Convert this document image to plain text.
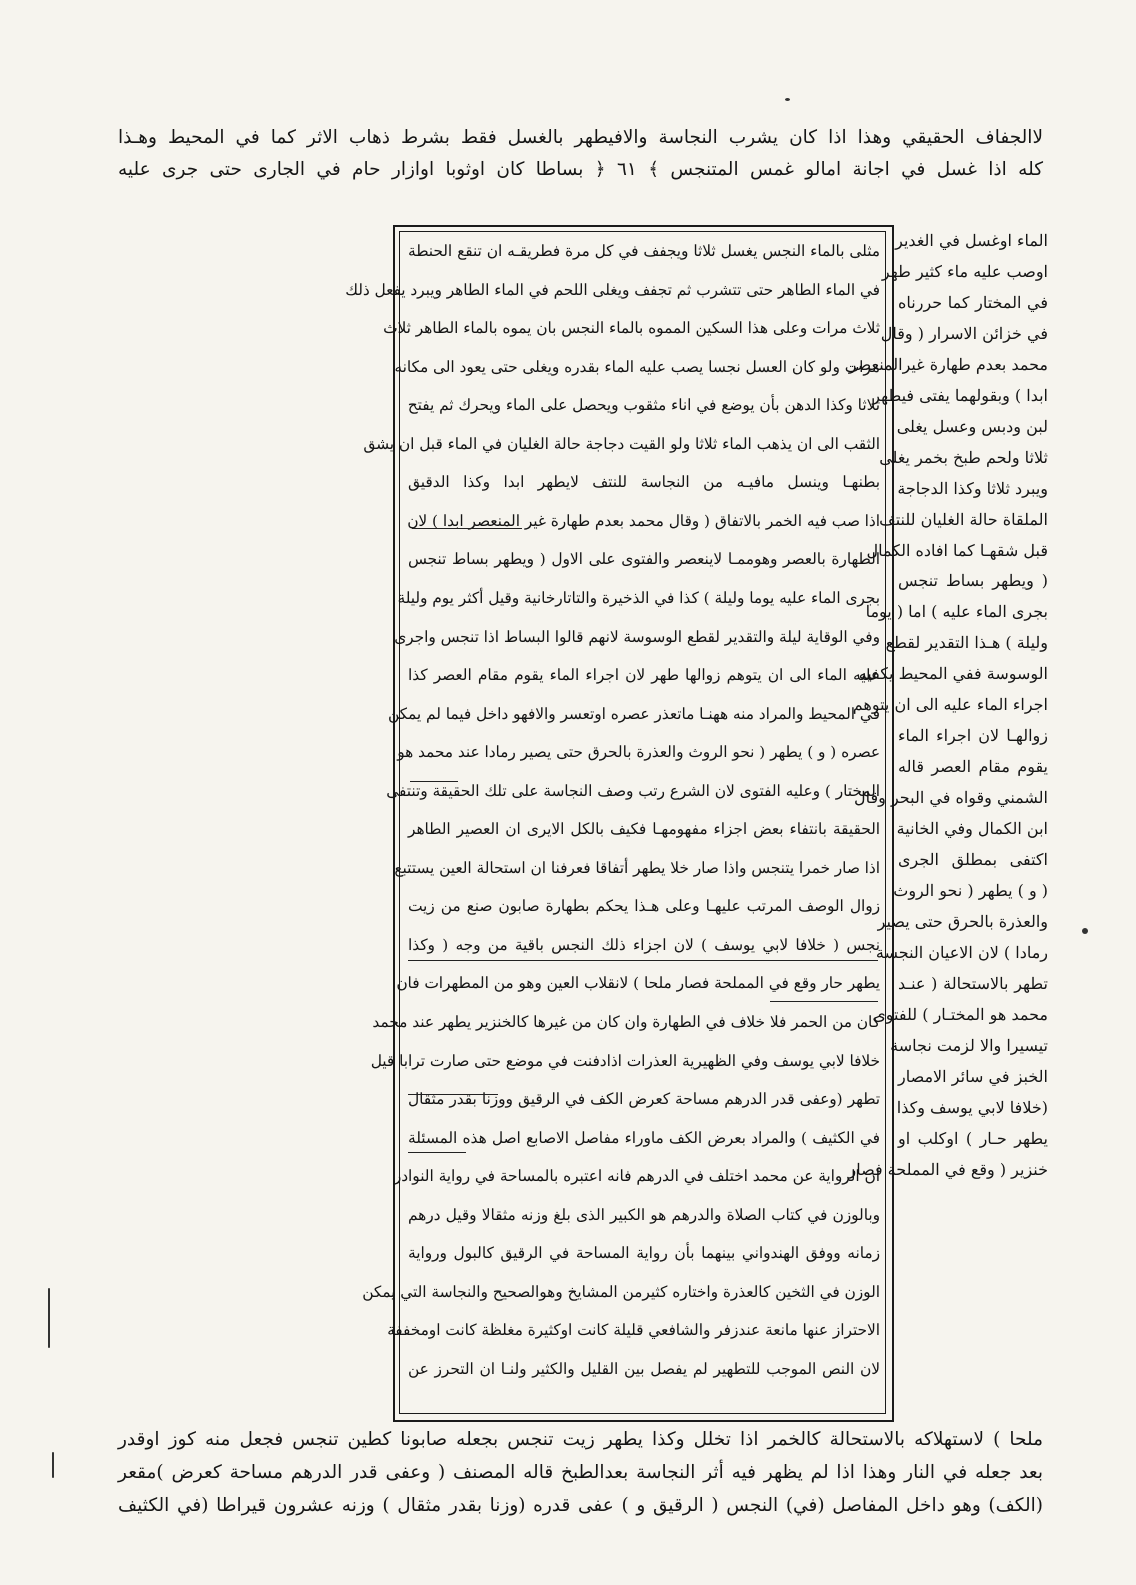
لاالجفاف الحقيقي وهذا اذا كان يشرب النجاسة والافيطهر بالغسل فقط بشرط ذهاب الاثر كما في المحيط وهـذا
كله اذا غسل في اجانة امالو غمس المتنجس ﴾ ٦١ ﴿ بساطا كان اوثوبا اوازار حام في الجارى حتى جرى عليه
الماء اوغسل في الغدير
اوصب عليه ماء كثير طهر
في المختار كما حررناه
في خزائن الاسرار ( وقال
محمد بعدم طهارة غيرالمنعصر
ابدا ) وبقولهما يفتى فيطهر
لبن ودبس وعسل يغلى
ثلاثا ولحم طبخ بخمر يغلى
ويبرد ثلاثا وكذا الدجاجة
الملقاة حالة الغليان للنتف
قبل شقهـا كما افاده الكمال
( ويطهر بساط تنجس
بجرى الماء عليه ) اما ( يوما
وليلة ) هـذا التقدير لقطع
الوسوسة ففي المحيط يكفيه
اجراء الماء عليه الى ان يتوهم
زوالهـا لان اجراء الماء
يقوم مقام العصر قاله
الشمني وقواه في البحر وقال
ابن الكمال وفي الخانية
اكتفى بمطلق الجرى
( و ) يطهر ( نحو الروث
والعذرة بالحرق حتى يصير
رمادا ) لان الاعيان النجسة
تطهر بالاستحالة ( عنـد
محمد هو المختـار ) للفتوى
تيسيرا والا لزمت نجاسة
الخبز في سائر الامصار
(خلافا لابي يوسف وكذا
يطهر حـار ) اوكلب او
خنزير ( وقع في المملحة فصار
مثلى بالماء النجس يغسل ثلاثا ويجفف في كل مرة فطريقـه ان تنقع الحنطة
في الماء الطاهر حتى تتشرب ثم تجفف ويغلى اللحم في الماء الطاهر ويبرد يفعل ذلك
ثلاث مرات وعلى هذا السكين المموه بالماء النجس بان يموه بالماء الطاهر ثلاث
مرات ولو كان العسل نجسا يصب عليه الماء بقدره ويغلى حتى يعود الى مكانه
ثلاثا وكذا الدهن بأن يوضع في اناء مثقوب ويحصل على الماء ويحرك ثم يفتح
الثقب الى ان يذهب الماء ثلاثا ولو القيت دجاجة حالة الغليان في الماء قبل ان يشق
بطنهـا وينسل مافيـه من النجاسة للنتف لايطهر ابدا وكذا الدقيق
اذا صب فيه الخمر بالاتفاق ( وقال محمد بعدم طهارة غير المنعصر ابدا ) لان
الطهارة بالعصر وهوممـا لاينعصر والفتوى على الاول ( ويطهر بساط تنجس
بجرى الماء عليه يوما وليلة ) كذا في الذخيرة والتاتارخانية وقيل أكثر يوم وليلة
وفي الوقاية ليلة والتقدير لقطع الوسوسة لانهم قالوا البساط اذا تنجس واجرى
عليه الماء الى ان يتوهم زوالها طهر لان اجراء الماء يقوم مقام العصر كذا
في المحيط والمراد منه ههنـا ماتعذر عصره اوتعسر والافهو داخل فيما لم يمكن
عصره ( و ) يطهر ( نحو الروث والعذرة بالحرق حتى يصير رمادا عند محمد هو
المختار ) وعليه الفتوى لان الشرع رتب وصف النجاسة على تلك الحقيقة وتنتفى
الحقيقة بانتفاء بعض اجزاء مفهومهـا فكيف بالكل الايرى ان العصير الطاهر
اذا صار خمرا يتنجس واذا صار خلا يطهر أتفاقا فعرفنا ان استحالة العين يستتبع
زوال الوصف المرتب عليهـا وعلى هـذا يحكم بطهارة صابون صنع من زيت
نجس ( خلافا لابي يوسف ) لان اجزاء ذلك النجس باقية من وجه ( وكذا
يطهر حار وقع في المملحة فصار ملحا ) لانقلاب العين وهو من المطهرات فان
كان من الحمر فلا خلاف في الطهارة وان كان من غيرها كالخنزير يطهر عند محمد
خلافا لابي يوسف وفي الظهيرية العذرات اذادفنت في موضع حتى صارت ترابا قيل
تطهر (وعفى قدر الدرهم مساحة كعرض الكف في الرقيق ووزنا بقدر مثقال
في الكثيف ) والمراد بعرض الكف ماوراء مفاصل الاصابع اصل هذه المسئلة
ان الرواية عن محمد اختلف في الدرهم فانه اعتبره بالمساحة في رواية النوادر
وبالوزن في كتاب الصلاة والدرهم هو الكبير الذى بلغ وزنه مثقالا وقيل درهم
زمانه ووفق الهندواني بينهما بأن رواية المساحة في الرقيق كالبول ورواية
الوزن في الثخين كالعذرة واختاره كثيرمن المشايخ وهوالصحيح والنجاسة التي يمكن
الاحتراز عنها مانعة عندزفر والشافعي قليلة كانت اوكثيرة مغلظة كانت اومخففة
لان النص الموجب للتطهير لم يفصل بين القليل والكثير ولنـا ان التحرز عن
ملحا ) لاستهلاكه بالاستحالة كالخمر اذا تخلل وكذا يطهر زيت تنجس بجعله صابونا كطين تنجس فجعل منه كوز اوقدر
بعد جعله في النار وهذا اذا لم يظهر فيه أثر النجاسة بعدالطبخ قاله المصنف ( وعفى قدر الدرهم مساحة كعرض )مقعر
(الكف) وهو داخل المفاصل (في) النجس ( الرقيق و ) عفى قدره (وزنا بقدر مثقال ) وزنه عشرون قيراطا (في الكثيف
